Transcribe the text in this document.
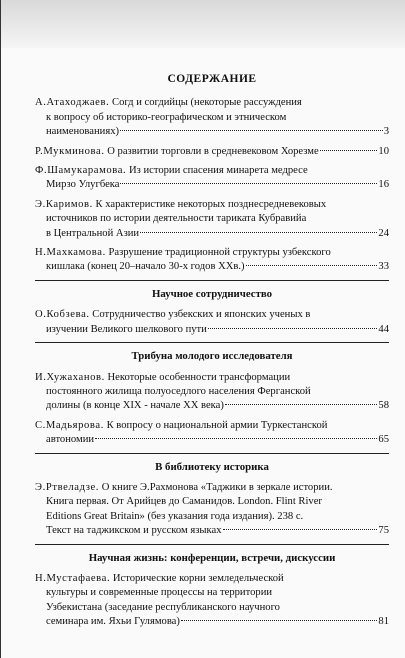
СОДЕРЖАНИЕ
А.Атаходжаев. Согд и согдийцы (некоторые рассуждения
к вопросу об историко-географическом и этническом
наименованиях)	3
Р.Мукминова. О развитии торговли в средневековом Хорезме	10
Ф.Шамукарамова. Из истории спасения минарета медресе
Мирзо Улугбека	16
Э.Каримов. К характеристике некоторых позднесредневековых
источников по истории деятельности тариката Кубравийа
в Центральной Азии	24
Н.Махкамова. Разрушение традиционной структуры узбекского
кишлака (конец 20–начало 30-х годов ХХв.)	33
Научное сотрудничество
О.Кобзева. Сотрудничество узбекских и японских ученых в
изучении Великого шелкового пути	44
Трибуна молодого исследователя
И.Хужаханов. Некоторые особенности трансформации
постоянного жилища полуоседлого населения Ферганской
долины (в конце XIX - начале XX века)	58
С.Мадьярова. К вопросу о национальной армии Туркестанской
автономии	65
В библиотеку историка
Э.Ртвеладзе. О книге Э.Рахмонова «Таджики в зеркале истории.
Книга первая. От Арийцев до Саманидов. London. Flint River
Editions Great Britain» (без указания года издания). 238 с.
Текст на таджикском и русском языках	75
Научная жизнь: конференции, встречи, дискуссии
Н.Мустафаева. Исторические корни земледельческой
культуры и современные процессы на территории
Узбекистана (заседание республиканского научного
семинара им. Яхьи Гулямова)	81
